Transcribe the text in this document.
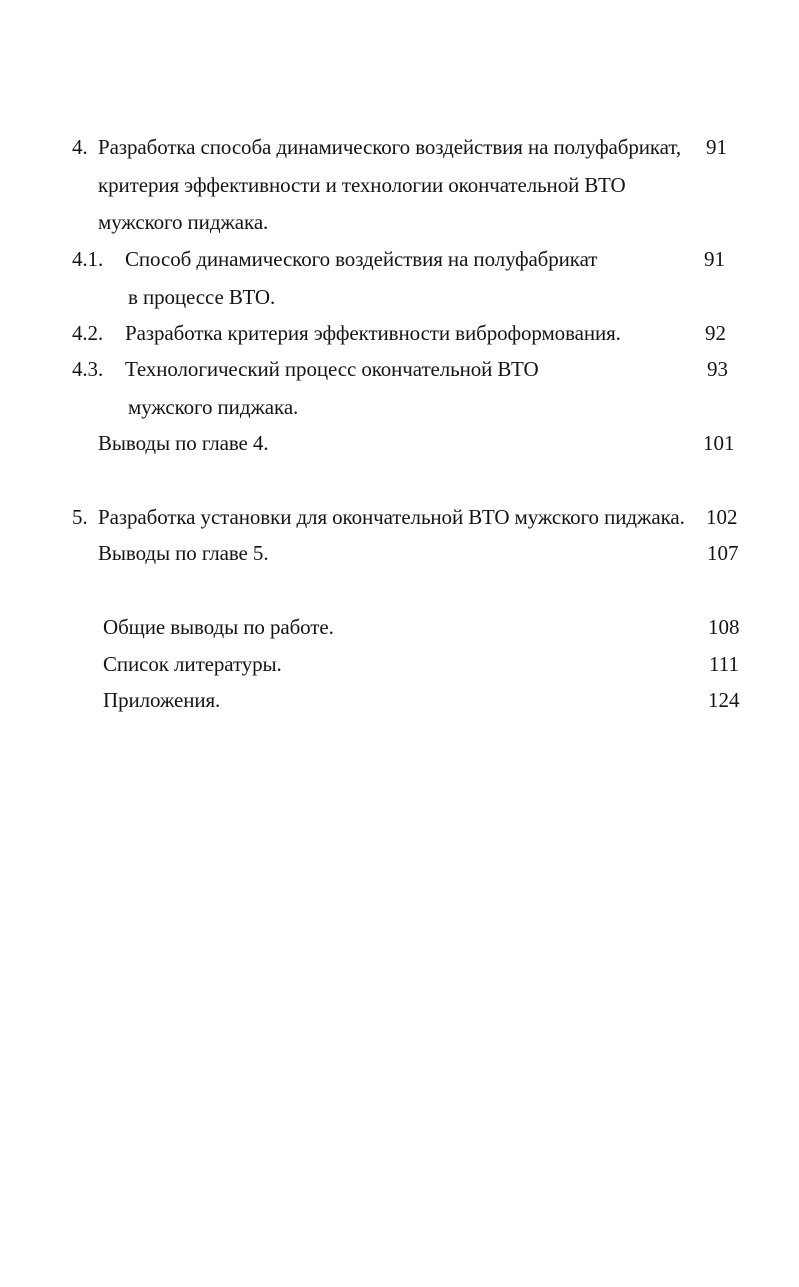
4. Разработка способа динамического воздействия на полуфабрикат, 91
критерия эффективности и технологии окончательной ВТО
мужского пиджака.
4.1. Способ динамического воздействия на полуфабрикат	91
в процессе ВТО.
4.2. Разработка критерия эффективности виброформования.	92
4.3. Технологический процесс окончательной ВТО	93
мужского пиджака.
Выводы по главе 4.	101
5. Разработка установки для окончательной ВТО мужского пиджака. 102
Выводы по главе 5.	107
Общие выводы по работе.	108
Список литературы.	111
Приложения.	124
